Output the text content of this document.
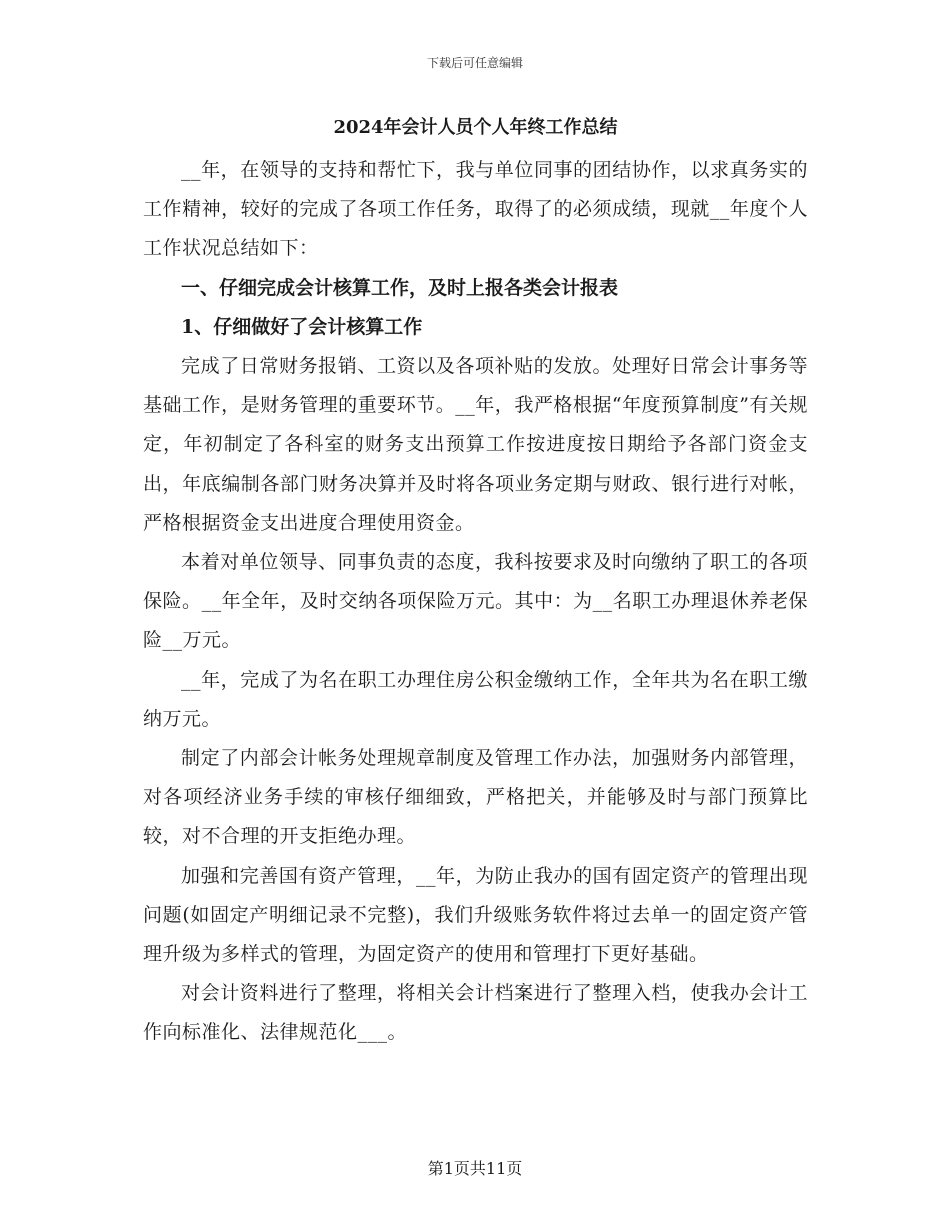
下载后可任意编辑
2024年会计人员个人年终工作总结

__年，在领导的支持和帮忙下，我与单位同事的团结协作，以求真务实的工作精神，较好的完成了各项工作任务，取得了的必须成绩，现就__年度个人工作状况总结如下：

一、仔细完成会计核算工作，及时上报各类会计报表

1、仔细做好了会计核算工作

完成了日常财务报销、工资以及各项补贴的发放。处理好日常会计事务等基础工作，是财务管理的重要环节。__年，我严格根据“年度预算制度”有关规定，年初制定了各科室的财务支出预算工作按进度按日期给予各部门资金支出，年底编制各部门财务决算并及时将各项业务定期与财政、银行进行对帐，严格根据资金支出进度合理使用资金。

本着对单位领导、同事负责的态度，我科按要求及时向缴纳了职工的各项保险。__年全年，及时交纳各项保险万元。其中：为__名职工办理退休养老保险__万元。

__年，完成了为名在职工办理住房公积金缴纳工作，全年共为名在职工缴纳万元。

制定了内部会计帐务处理规章制度及管理工作办法，加强财务内部管理，对各项经济业务手续的审核仔细细致，严格把关，并能够及时与部门预算比较，对不合理的开支拒绝办理。

加强和完善国有资产管理，__年，为防止我办的国有固定资产的管理出现问题(如固定产明细记录不完整)，我们升级账务软件将过去单一的固定资产管理升级为多样式的管理，为固定资产的使用和管理打下更好基础。

对会计资料进行了整理，将相关会计档案进行了整理入档，使我办会计工作向标准化、法律规范化___。

第1页共11页
